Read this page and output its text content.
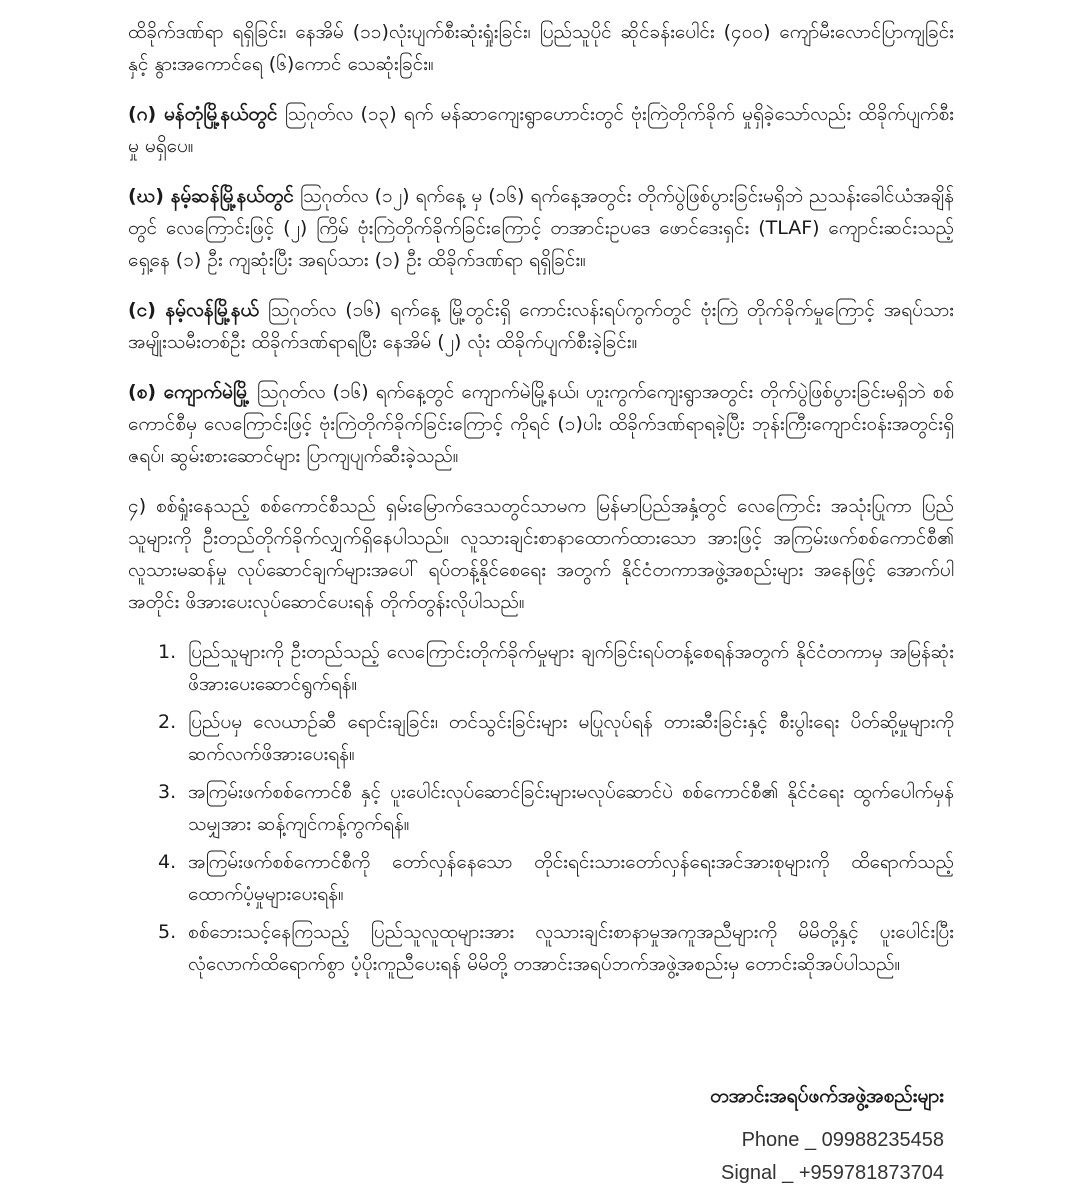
ထိခိုက်ဒဏ်ရာ ရရှိခြင်း၊ နေအိမ် (၁၁)လုံးပျက်စီးဆုံးရှုံးခြင်း၊ ပြည်သူပိုင် ဆိုင်ခန်းပေါင်း (၄၀၀) ကျော်မီးလောင်ပြာကျခြင်း နှင့် နွားအကောင်ရေ (၆)ကောင် သေဆုံးခြင်း။

(ဂ) မန်တုံမြို့နယ်တွင် ဩဂုတ်လ (၁၃) ရက် မန်ဆာကျေးရွာဟောင်းတွင် ဗုံးကြဲတိုက်ခိုက် မှုရှိခဲ့သော်လည်း ထိခိုက်ပျက်စီးမှု မရှိပေ။

(ဃ) နမ့်ဆန်မြို့နယ်တွင် ဩဂုတ်လ (၁၂) ရက်နေ့ မှ (၁၆) ရက်နေ့အတွင်း တိုက်ပွဲဖြစ်ပွားခြင်းမရှိဘဲ ညသန်းခေါင်ယံအချိန်တွင် လေကြောင်းဖြင့် (၂) ကြိမ် ဗုံးကြဲတိုက်ခိုက်ခြင်းကြောင့် တအာင်းဥပဒေ ဖောင်ဒေးရှင်း (TLAF) ကျောင်းဆင်းသည့် ရှေ့နေ (၁) ဦး ကျဆုံးပြီး အရပ်သား (၁) ဦး ထိခိုက်ဒဏ်ရာ ရရှိခြင်း။

(င) နမ့်လန်မြို့နယ် ဩဂုတ်လ (၁၆) ရက်နေ့ မြို့တွင်းရှိ ကောင်းလန်းရပ်ကွက်တွင် ဗုံးကြဲ တိုက်ခိုက်မှုကြောင့် အရပ်သား အမျိုးသမီးတစ်ဦး ထိခိုက်ဒဏ်ရာရပြီး နေအိမ် (၂) လုံး ထိခိုက်ပျက်စီးခဲ့ခြင်း။

(စ) ကျောက်မဲမြို့ ဩဂုတ်လ (၁၆) ရက်နေ့တွင် ကျောက်မဲမြို့နယ်၊ ဟူးကွက်ကျေးရွာအတွင်း တိုက်ပွဲဖြစ်ပွားခြင်းမရှိဘဲ စစ်ကောင်စီမှ လေကြောင်းဖြင့် ဗုံးကြဲတိုက်ခိုက်ခြင်းကြောင့် ကိုရင် (၁)ပါး ထိခိုက်ဒဏ်ရာရခဲ့ပြီး ဘုန်းကြီးကျောင်းဝန်းအတွင်းရှိ ဇရပ်၊ ဆွမ်းစားဆောင်များ ပြာကျပျက်ဆီးခဲ့သည်။

၄) စစ်ရှုံးနေသည့် စစ်ကောင်စီသည် ရှမ်းမြောက်ဒေသတွင်သာမက မြန်မာပြည်အနှံ့တွင် လေကြောင်း အသုံးပြုကာ ပြည်သူများကို ဦးတည်တိုက်ခိုက်လျှက်ရှိနေပါသည်။ လူသားချင်းစာနာထောက်ထားသော အားဖြင့် အကြမ်းဖက်စစ်ကောင်စီ၏ လူသားမဆန်မှု လုပ်ဆောင်ချက်များအပေါ် ရပ်တန့်နိုင်စေရေး အတွက် နိုင်ငံတကာအဖွဲ့အစည်းများ အနေဖြင့် အောက်ပါအတိုင်း ဖိအားပေးလုပ်ဆောင်ပေးရန် တိုက်တွန်းလိုပါသည်။

1. ပြည်သူများကို ဦးတည်သည့် လေကြောင်းတိုက်ခိုက်မှုများ ချက်ခြင်းရပ်တန့်စေရန်အတွက် နိုင်ငံတကာမှ အမြန်ဆုံးဖိအားပေးဆောင်ရွက်ရန်။
2. ပြည်ပမှ လေယာဉ်ဆီ ရောင်းချခြင်း၊ တင်သွင်းခြင်းများ မပြုလုပ်ရန် တားဆီးခြင်းနှင့် စီးပွါးရေး ပိတ်ဆို့မှုများကို ဆက်လက်ဖိအားပေးရန်။
3. အကြမ်းဖက်စစ်ကောင်စီ နှင့် ပူးပေါင်းလုပ်ဆောင်ခြင်းများမလုပ်ဆောင်ပဲ စစ်ကောင်စီ၏ နိုင်ငံရေး ထွက်ပေါက်မှန်သမျှအား ဆန့်ကျင်ကန့်ကွက်ရန်။
4. အကြမ်းဖက်စစ်ကောင်စီကို တော်လှန်နေသော တိုင်းရင်းသားတော်လှန်ရေးအင်အားစုများကို ထိရောက်သည့် ထောက်ပံ့မှုများပေးရန်။
5. စစ်ဘေးသင့်နေကြသည့် ပြည်သူလူထုများအား လူသားချင်းစာနာမှုအကူအညီများကို မိမိတို့နှင့် ပူးပေါင်းပြီး လုံလောက်ထိရောက်စွာ ပံ့ပိုးကူညီပေးရန် မိမိတို့ တအာင်းအရပ်ဘက်အဖွဲ့အစည်းမှ တောင်းဆိုအပ်ပါသည်။
တအာင်းအရပ်ဖက်အဖွဲ့အစည်းများ
Phone _ 09988235458
Signal _ +959781873704
